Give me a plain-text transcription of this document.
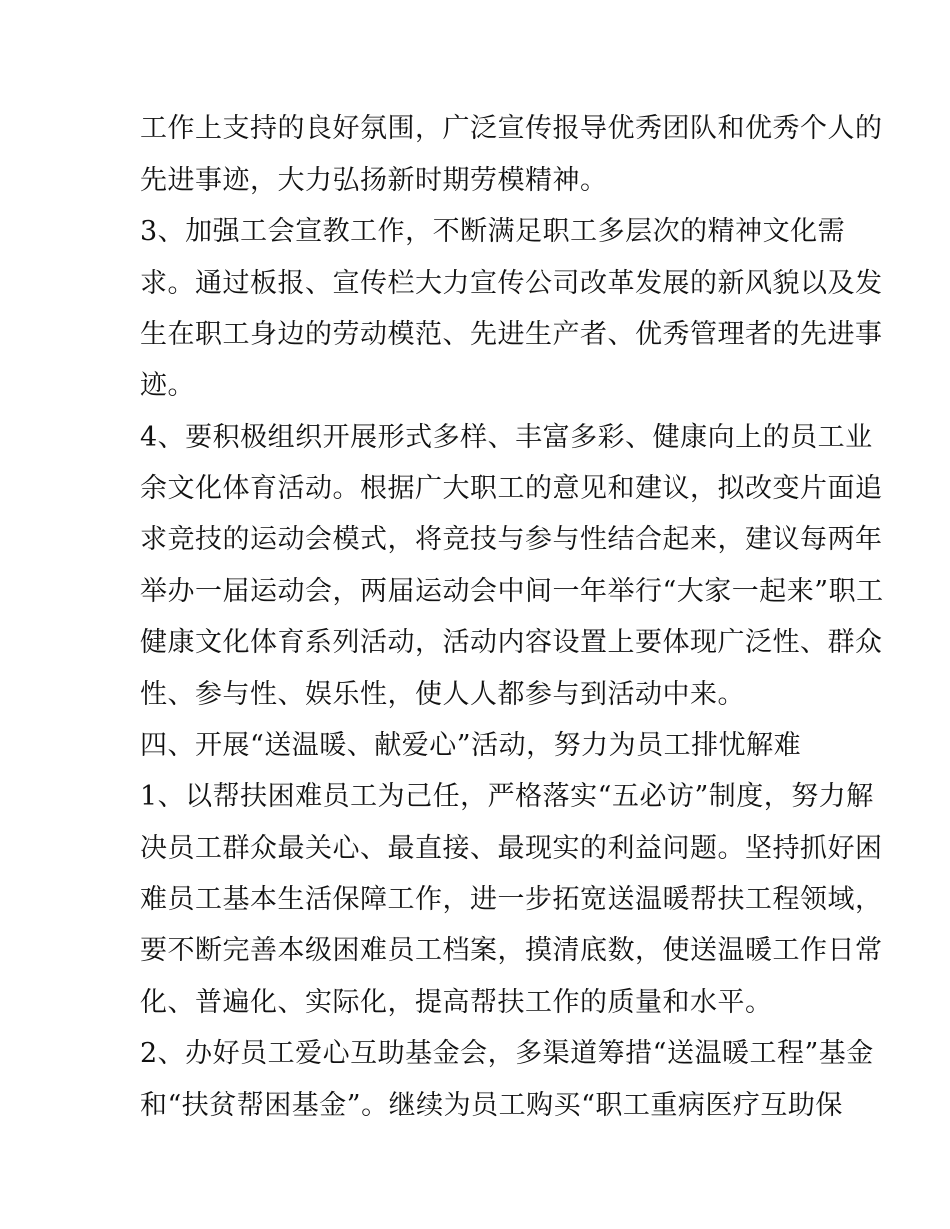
工作上支持的良好氛围，广泛宣传报导优秀团队和优秀个人的
先进事迹，大力弘扬新时期劳模精神。
3、加强工会宣教工作，不断满足职工多层次的精神文化需
求。通过板报、宣传栏大力宣传公司改革发展的新风貌以及发
生在职工身边的劳动模范、先进生产者、优秀管理者的先进事
迹。
4、要积极组织开展形式多样、丰富多彩、健康向上的员工业
余文化体育活动。根据广大职工的意见和建议，拟改变片面追
求竞技的运动会模式，将竞技与参与性结合起来，建议每两年
举办一届运动会，两届运动会中间一年举行“大家一起来”职工
健康文化体育系列活动，活动内容设置上要体现广泛性、群众
性、参与性、娱乐性，使人人都参与到活动中来。
四、开展“送温暖、献爱心”活动，努力为员工排忧解难
1、以帮扶困难员工为己任，严格落实“五必访”制度，努力解
决员工群众最关心、最直接、最现实的利益问题。坚持抓好困
难员工基本生活保障工作，进一步拓宽送温暖帮扶工程领域，
要不断完善本级困难员工档案，摸清底数，使送温暖工作日常
化、普遍化、实际化，提高帮扶工作的质量和水平。
2、办好员工爱心互助基金会，多渠道筹措“送温暖工程”基金
和“扶贫帮困基金”。继续为员工购买“职工重病医疗互助保
